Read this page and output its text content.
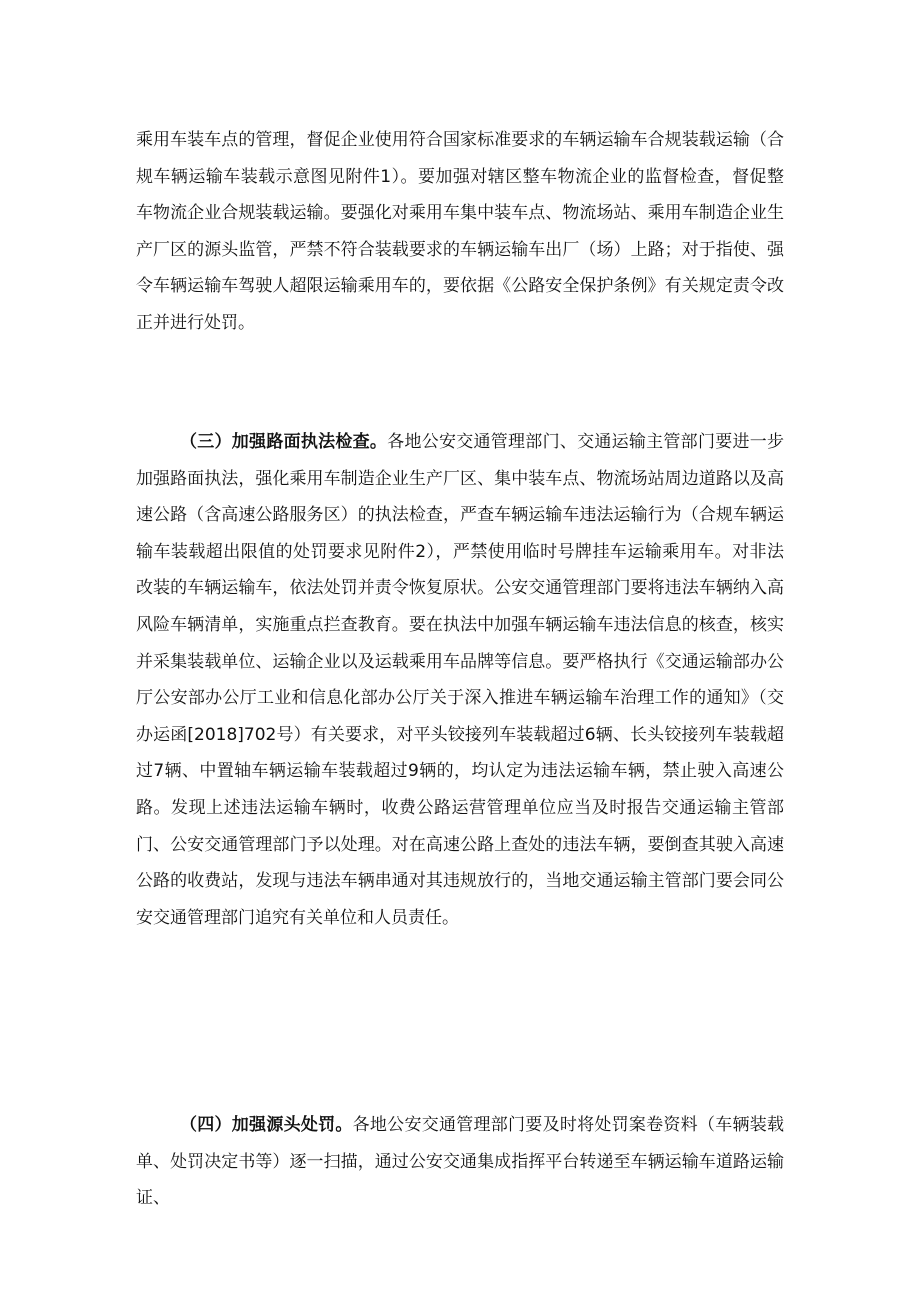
乘用车装车点的管理，督促企业使用符合国家标准要求的车辆运输车合规装载运输（合规车辆运输车装载示意图见附件1）。要加强对辖区整车物流企业的监督检查，督促整车物流企业合规装载运输。要强化对乘用车集中装车点、物流场站、乘用车制造企业生产厂区的源头监管，严禁不符合装载要求的车辆运输车出厂（场）上路；对于指使、强令车辆运输车驾驶人超限运输乘用车的，要依据《公路安全保护条例》有关规定责令改正并进行处罚。

（三）加强路面执法检查。各地公安交通管理部门、交通运输主管部门要进一步加强路面执法，强化乘用车制造企业生产厂区、集中装车点、物流场站周边道路以及高速公路（含高速公路服务区）的执法检查，严查车辆运输车违法运输行为（合规车辆运输车装载超出限值的处罚要求见附件2），严禁使用临时号牌挂车运输乘用车。对非法改装的车辆运输车，依法处罚并责令恢复原状。公安交通管理部门要将违法车辆纳入高风险车辆清单，实施重点拦查教育。要在执法中加强车辆运输车违法信息的核查，核实并采集装载单位、运输企业以及运载乘用车品牌等信息。要严格执行《交通运输部办公厅公安部办公厅工业和信息化部办公厅关于深入推进车辆运输车治理工作的通知》（交办运函[2018]702号）有关要求，对平头铰接列车装载超过6辆、长头铰接列车装载超过7辆、中置轴车辆运输车装载超过9辆的，均认定为违法运输车辆，禁止驶入高速公路。发现上述违法运输车辆时，收费公路运营管理单位应当及时报告交通运输主管部门、公安交通管理部门予以处理。对在高速公路上查处的违法车辆，要倒查其驶入高速公路的收费站，发现与违法车辆串通对其违规放行的，当地交通运输主管部门要会同公安交通管理部门追究有关单位和人员责任。

（四）加强源头处罚。各地公安交通管理部门要及时将处罚案卷资料（车辆装载单、处罚决定书等）逐一扫描，通过公安交通集成指挥平台转递至车辆运输车道路运输证、
